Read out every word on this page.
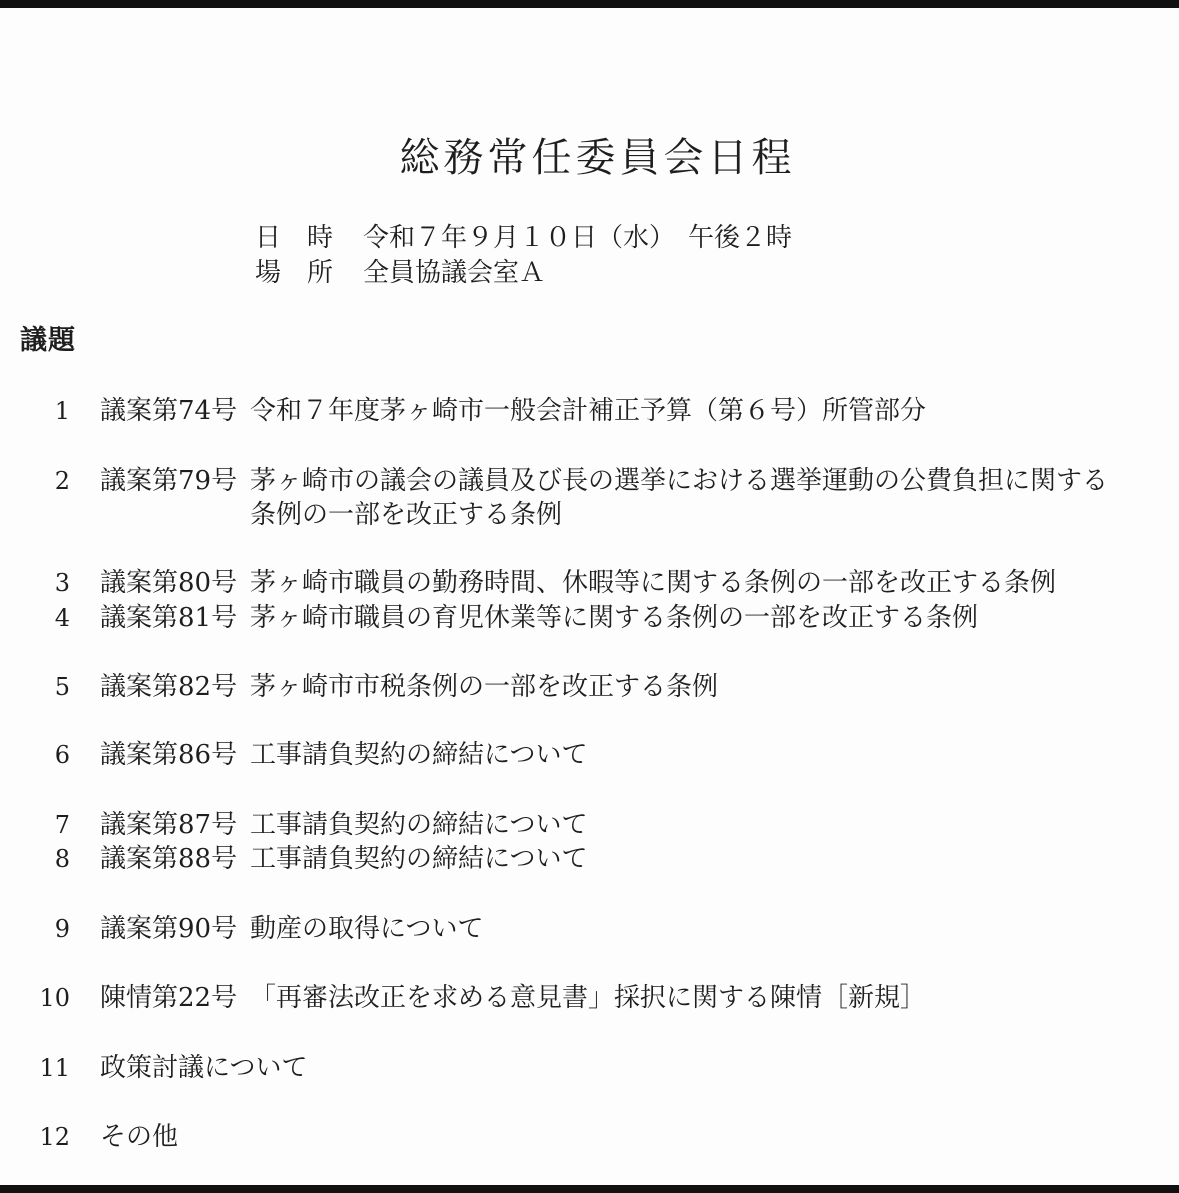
総務常任委員会日程
日　時 令和７年９月１０日（水）　午後２時
場　所 全員協議会室Ａ
議題
1 議案第74号 令和７年度茅ヶ崎市一般会計補正予算（第６号）所管部分
2 議案第79号 茅ヶ崎市の議会の議員及び長の選挙における選挙運動の公費負担に関する
条例の一部を改正する条例
3 議案第80号 茅ヶ崎市職員の勤務時間、休暇等に関する条例の一部を改正する条例
4 議案第81号 茅ヶ崎市職員の育児休業等に関する条例の一部を改正する条例
5 議案第82号 茅ヶ崎市市税条例の一部を改正する条例
6 議案第86号 工事請負契約の締結について
7 議案第87号 工事請負契約の締結について
8 議案第88号 工事請負契約の締結について
9 議案第90号 動産の取得について
10 陳情第22号 「再審法改正を求める意見書」採択に関する陳情［新規］
11 政策討議について
12 その他
